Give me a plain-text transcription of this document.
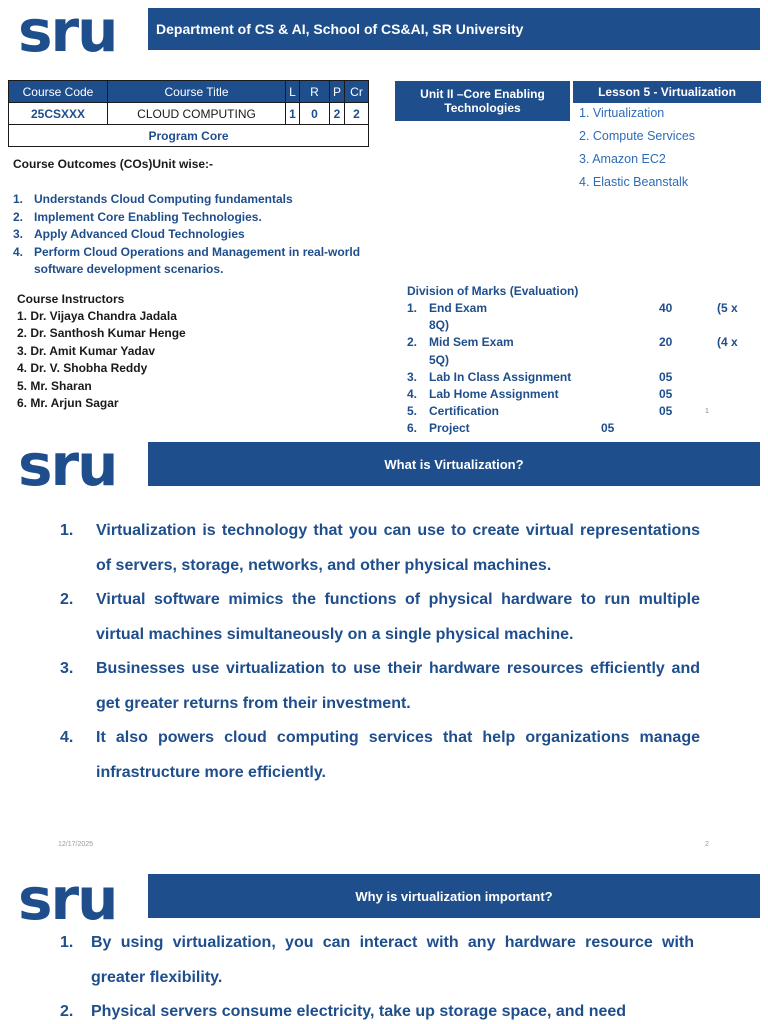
sru	Department of CS & AI, School of CS&AI, SR University
Course Code	Course Title	L	R	P	Cr
25CSXXX	CLOUD COMPUTING	1	0	2	2
Program Core					
Unit II –Core Enabling Technologies
Lesson 5 - Virtualization
1. Virtualization
2. Compute Services
3. Amazon EC2
4. Elastic Beanstalk
Course Outcomes (COs)Unit wise:-
1. Understands Cloud Computing fundamentals
2. Implement Core Enabling Technologies.
3. Apply Advanced Cloud Technologies
4. Perform Cloud Operations and Management in real-world software development scenarios.
Course Instructors
1. Dr. Vijaya Chandra Jadala
2. Dr. Santhosh Kumar Henge
3. Dr. Amit Kumar Yadav
4. Dr. V. Shobha Reddy
5. Mr. Sharan
6. Mr. Arjun Sagar
Division of Marks (Evaluation)
1. End Exam	40	(5 x
8Q)
2. Mid Sem Exam	20	(4 x
5Q)
3. Lab In Class Assignment	05
4. Lab Home Assignment	05
5. Certification	05
6. Project	05
1
sru	What is Virtualization?
1.	Virtualization is technology that you can use to create virtual representations of servers, storage, networks, and other physical machines.
2.	Virtual software mimics the functions of physical hardware to run multiple virtual machines simultaneously on a single physical machine.
3.	Businesses use virtualization to use their hardware resources efficiently and get greater returns from their investment.
4.	It also powers cloud computing services that help organizations manage infrastructure more efficiently.
12/17/2025	2
sru	Why is virtualization important?
1.	By using virtualization, you can interact with any hardware resource with greater flexibility.
2.	Physical servers consume electricity, take up storage space, and need
